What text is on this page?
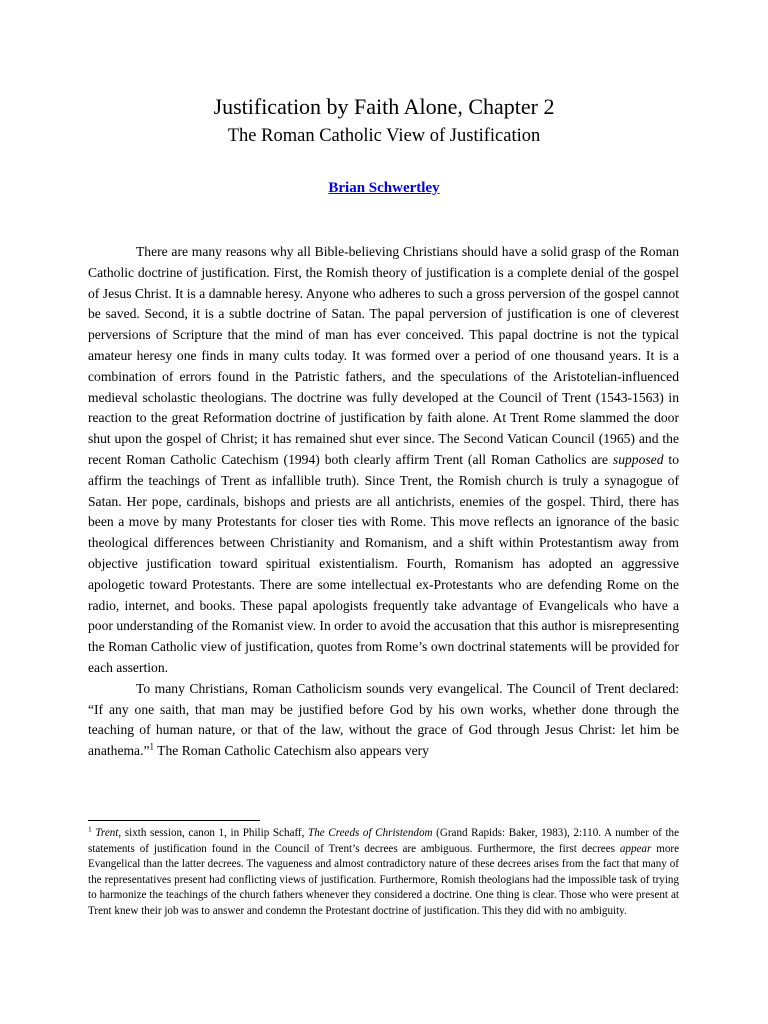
Justification by Faith Alone, Chapter 2
The Roman Catholic View of Justification
Brian Schwertley

There are many reasons why all Bible-believing Christians should have a solid grasp of the Roman Catholic doctrine of justification. First, the Romish theory of justification is a complete denial of the gospel of Jesus Christ. It is a damnable heresy. Anyone who adheres to such a gross perversion of the gospel cannot be saved. Second, it is a subtle doctrine of Satan. The papal perversion of justification is one of cleverest perversions of Scripture that the mind of man has ever conceived. This papal doctrine is not the typical amateur heresy one finds in many cults today. It was formed over a period of one thousand years. It is a combination of errors found in the Patristic fathers, and the speculations of the Aristotelian-influenced medieval scholastic theologians. The doctrine was fully developed at the Council of Trent (1543-1563) in reaction to the great Reformation doctrine of justification by faith alone. At Trent Rome slammed the door shut upon the gospel of Christ; it has remained shut ever since. The Second Vatican Council (1965) and the recent Roman Catholic Catechism (1994) both clearly affirm Trent (all Roman Catholics are supposed to affirm the teachings of Trent as infallible truth). Since Trent, the Romish church is truly a synagogue of Satan. Her pope, cardinals, bishops and priests are all antichrists, enemies of the gospel. Third, there has been a move by many Protestants for closer ties with Rome. This move reflects an ignorance of the basic theological differences between Christianity and Romanism, and a shift within Protestantism away from objective justification toward spiritual existentialism. Fourth, Romanism has adopted an aggressive apologetic toward Protestants. There are some intellectual ex-Protestants who are defending Rome on the radio, internet, and books. These papal apologists frequently take advantage of Evangelicals who have a poor understanding of the Romanist view. In order to avoid the accusation that this author is misrepresenting the Roman Catholic view of justification, quotes from Rome’s own doctrinal statements will be provided for each assertion.

To many Christians, Roman Catholicism sounds very evangelical. The Council of Trent declared: “If any one saith, that man may be justified before God by his own works, whether done through the teaching of human nature, or that of the law, without the grace of God through Jesus Christ: let him be anathema.”$^1$ The Roman Catholic Catechism also appears very

$^1$ Trent, sixth session, canon 1, in Philip Schaff, The Creeds of Christendom (Grand Rapids: Baker, 1983), 2:110. A number of the statements of justification found in the Council of Trent’s decrees are ambiguous. Furthermore, the first decrees appear more Evangelical than the latter decrees. The vagueness and almost contradictory nature of these decrees arises from the fact that many of the representatives present had conflicting views of justification. Furthermore, Romish theologians had the impossible task of trying to harmonize the teachings of the church fathers whenever they considered a doctrine. One thing is clear. Those who were present at Trent knew their job was to answer and condemn the Protestant doctrine of justification. This they did with no ambiguity.
